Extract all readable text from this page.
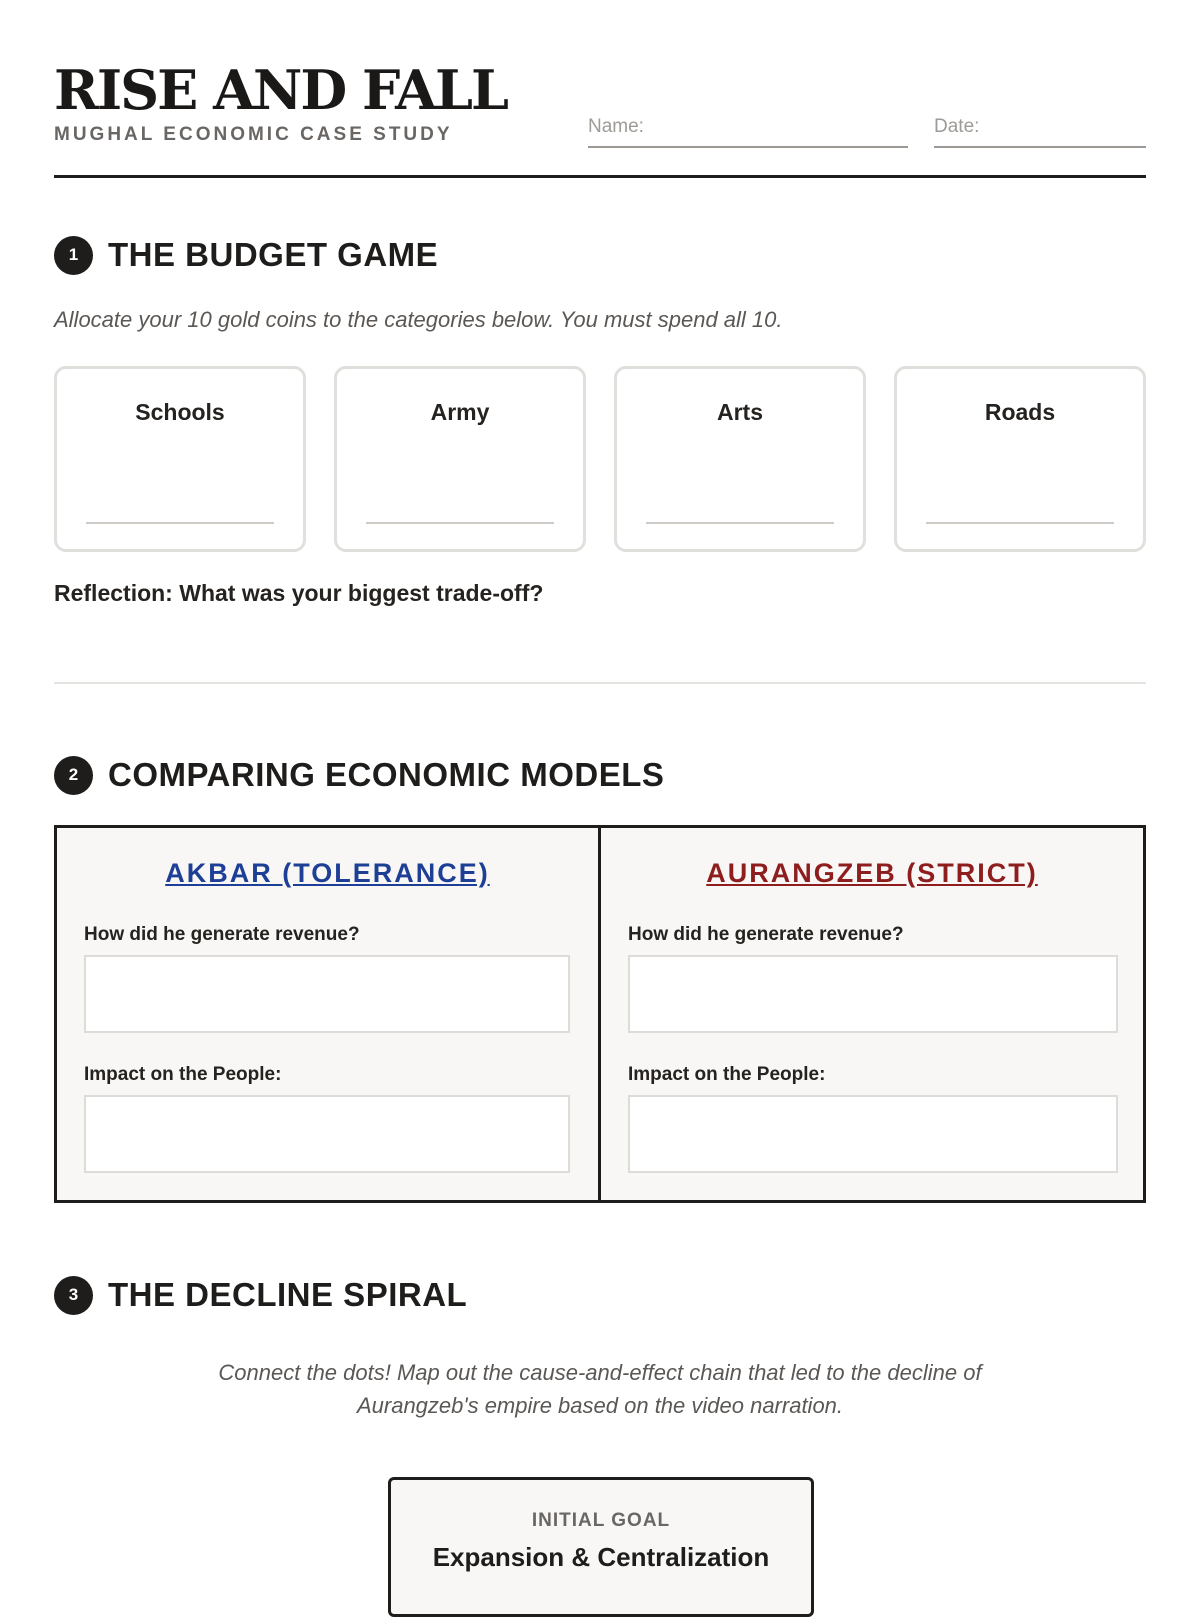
RISE AND FALL
MUGHAL ECONOMIC CASE STUDY	Name:	Date:
1 THE BUDGET GAME
Allocate your 10 gold coins to the categories below. You must spend all 10.
Schools	Army	Arts	Roads
Reflection: What was your biggest trade-off?
2 COMPARING ECONOMIC MODELS
AKBAR (TOLERANCE)
How did he generate revenue?
Impact on the People:
AURANGZEB (STRICT)
How did he generate revenue?
Impact on the People:
3 THE DECLINE SPIRAL
Connect the dots! Map out the cause-and-effect chain that led to the decline of
Aurangzeb's empire based on the video narration.
INITIAL GOAL
Expansion & Centralization
